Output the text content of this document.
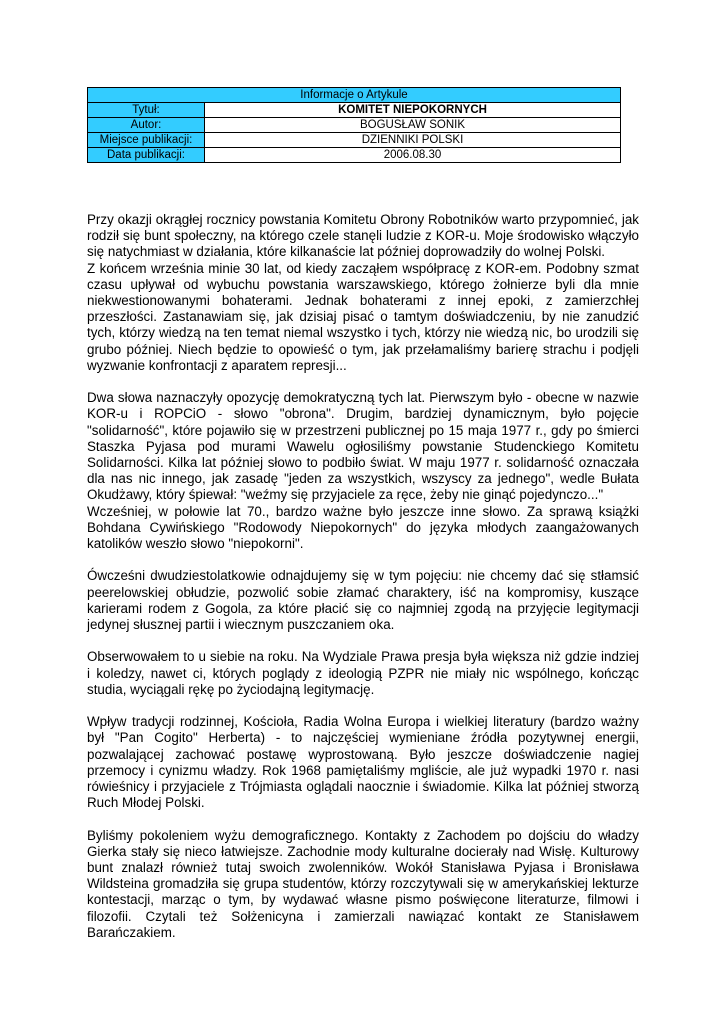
Informacje o Artykule	
Tytuł:	KOMITET NIEPOKORNYCH
Autor:	BOGUSŁAW SONIK
Miejsce publikacji:	DZIENNIKI POLSKI
Data publikacji:	2006.08.30

Przy okazji okrągłej rocznicy powstania Komitetu Obrony Robotników warto przypomnieć, jak rodził się bunt społeczny, na którego czele stanęli ludzie z KOR-u. Moje środowisko włączyło się natychmiast w działania, które kilkanaście lat później doprowadziły do wolnej Polski.
Z końcem września minie 30 lat, od kiedy zacząłem współpracę z KOR-em. Podobny szmat czasu upływał od wybuchu powstania warszawskiego, którego żołnierze byli dla mnie niekwestionowanymi bohaterami. Jednak bohaterami z innej epoki, z zamierzchłej przeszłości. Zastanawiam się, jak dzisiaj pisać o tamtym doświadczeniu, by nie zanudzić tych, którzy wiedzą na ten temat niemal wszystko i tych, którzy nie wiedzą nic, bo urodzili się grubo później. Niech będzie to opowieść o tym, jak przełamaliśmy barierę strachu i podjęli wyzwanie konfrontacji z aparatem represji...

Dwa słowa naznaczyły opozycję demokratyczną tych lat. Pierwszym było - obecne w nazwie KOR-u i ROPCiO - słowo "obrona". Drugim, bardziej dynamicznym, było pojęcie "solidarność", które pojawiło się w przestrzeni publicznej po 15 maja 1977 r., gdy po śmierci Staszka Pyjasa pod murami Wawelu ogłosiliśmy powstanie Studenckiego Komitetu Solidarności. Kilka lat później słowo to podbiło świat. W maju 1977 r. solidarność oznaczała dla nas nic innego, jak zasadę "jeden za wszystkich, wszyscy za jednego", wedle Bułata Okudżawy, który śpiewał: "weźmy się przyjaciele za ręce, żeby nie ginąć pojedynczo..."
Wcześniej, w połowie lat 70., bardzo ważne było jeszcze inne słowo. Za sprawą książki Bohdana Cywińskiego "Rodowody Niepokornych" do języka młodych zaangażowanych katolików weszło słowo "niepokorni".

Ówcześni dwudziestolatkowie odnajdujemy się w tym pojęciu: nie chcemy dać się stłamsić peerelowskiej obłudzie, pozwolić sobie złamać charaktery, iść na kompromisy, kuszące karierami rodem z Gogola, za które płacić się co najmniej zgodą na przyjęcie legitymacji jedynej słusznej partii i wiecznym puszczaniem oka.

Obserwowałem to u siebie na roku. Na Wydziale Prawa presja była większa niż gdzie indziej i koledzy, nawet ci, których poglądy z ideologią PZPR nie miały nic wspólnego, kończąc studia, wyciągali rękę po życiodajną legitymację.

Wpływ tradycji rodzinnej, Kościoła, Radia Wolna Europa i wielkiej literatury (bardzo ważny był "Pan Cogito" Herberta) - to najczęściej wymieniane źródła pozytywnej energii, pozwalającej zachować postawę wyprostowaną. Było jeszcze doświadczenie nagiej przemocy i cynizmu władzy. Rok 1968 pamiętaliśmy mgliście, ale już wypadki 1970 r. nasi rówieśnicy i przyjaciele z Trójmiasta oglądali naocznie i świadomie. Kilka lat później stworzą Ruch Młodej Polski.

Byliśmy pokoleniem wyżu demograficznego. Kontakty z Zachodem po dojściu do władzy Gierka stały się nieco łatwiejsze. Zachodnie mody kulturalne docierały nad Wisłę. Kulturowy bunt znalazł również tutaj swoich zwolenników. Wokół Stanisława Pyjasa i Bronisława Wildsteina gromadziła się grupa studentów, którzy rozczytywali się w amerykańskiej lekturze kontestacji, marząc o tym, by wydawać własne pismo poświęcone literaturze, filmowi i filozofii. Czytali też Sołżenicyna i zamierzali nawiązać kontakt ze Stanisławem Barańczakiem.
